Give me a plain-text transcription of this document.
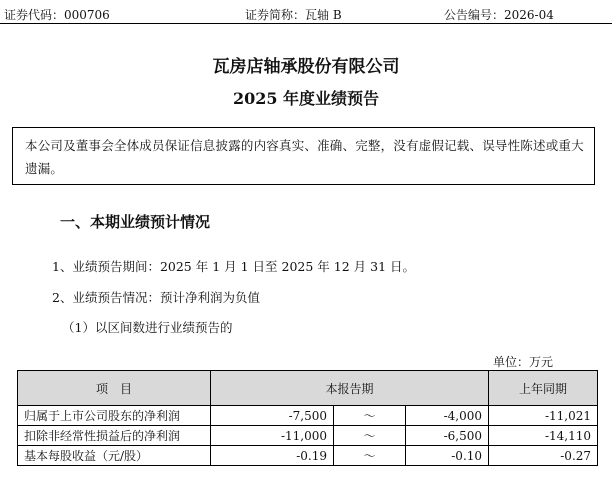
证券代码：000706	证券简称：瓦轴 B	公告编号：2026-04
瓦房店轴承股份有限公司
2025 年度业绩预告
本公司及董事会全体成员保证信息披露的内容真实、准确、完整，没有虚假记载、误导性陈述或重大遗漏。
一、本期业绩预计情况
1、业绩预告期间：2025 年 1 月 1 日至 2025 年 12 月 31 日。
2、业绩预告情况：预计净利润为负值
（1）以区间数进行业绩预告的
单位：万元
项　目	本报告期			上年同期
归属于上市公司股东的净利润	-7,500	～	-4,000	-11,021
扣除非经常性损益后的净利润	-11,000	～	-6,500	-14,110
基本每股收益（元/股）	-0.19	～	-0.10	-0.27
